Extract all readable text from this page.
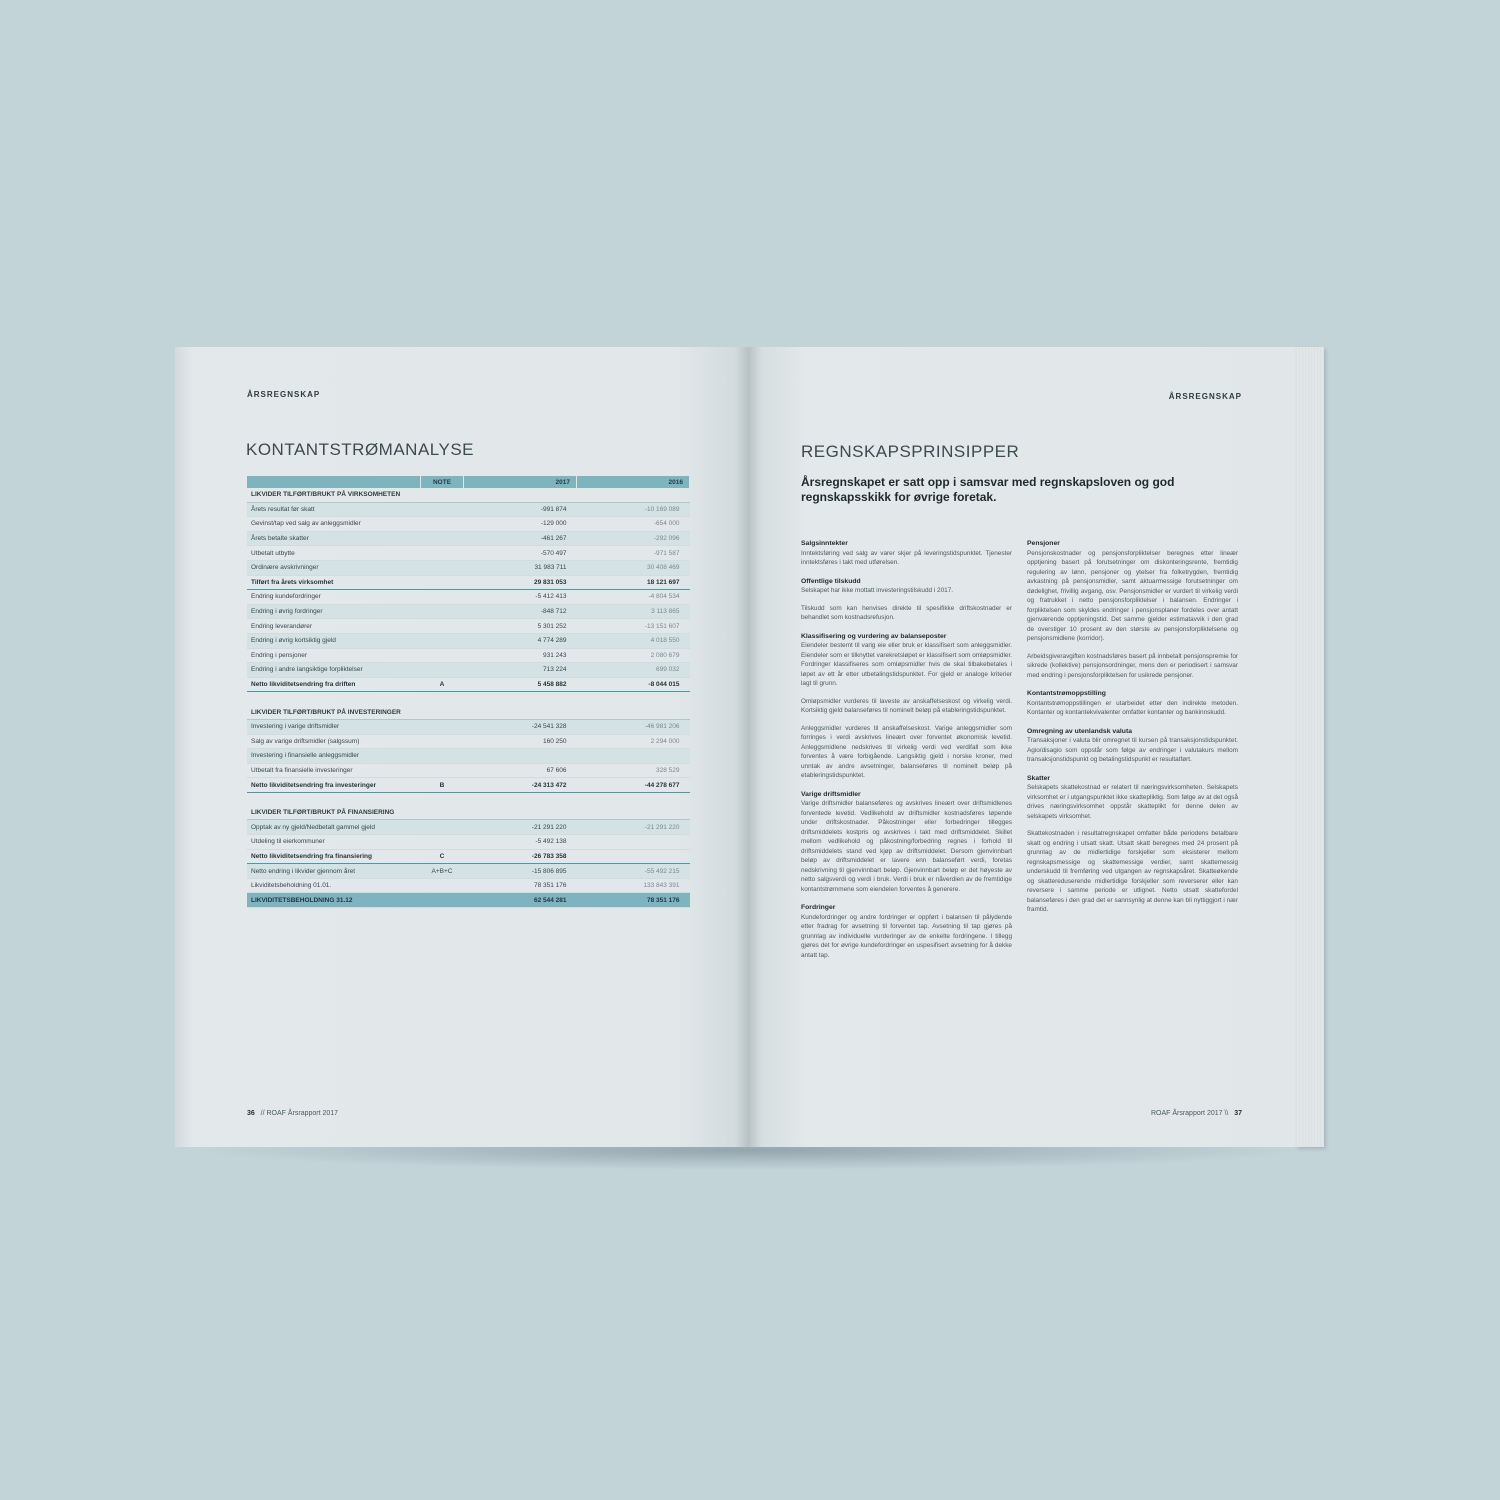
ÅRSREGNSKAP
KONTANTSTRØMANALYSE
	NOTE	2017	2016
LIKVIDER TILFØRT/BRUKT PÅ VIRKSOMHETEN			
Årets resultat før skatt		-991 874	-10 169 089
Gevinst/tap ved salg av anleggsmidler		-129 000	-654 000
Årets betalte skatter		-461 267	-292 096
Utbetalt utbytte		-570 497	-971 587
Ordinære avskrivninger		31 983 711	30 408 469
Tilført fra årets virksomhet		29 831 053	18 121 697
Endring kundefordringer		-5 412 413	-4 804 534
Endring i øvrig fordringer		-848 712	3 113 865
Endring leverandører		5 301 252	-13 151 607
Endring i øvrig kortsiktig gjeld		4 774 289	4 018 550
Endring i pensjoner		931 243	2 080 679
Endring i andre langsiktige forpliktelser		713 224	699 032
Netto likviditetsendring fra driften	A	5 458 882	-8 044 015

LIKVIDER TILFØRT/BRUKT PÅ INVESTERINGER			
Investering i varige driftsmidler		-24 541 328	-46 981 206
Salg av varige driftsmidler (salgssum)		160 250	2 294 000
Investering i finansielle anleggsmidler			
Utbetalt fra finansielle investeringer		67 606	328 529
Netto likviditetsendring fra investeringer	B	-24 313 472	-44 278 677

LIKVIDER TILFØRT/BRUKT PÅ FINANSIERING			
Opptak av ny gjeld/Nedbetalt gammel gjeld		-21 291 220	-21 291 220
Utdeling til eierkommuner		-5 492 138	
Netto likviditetsendring fra finansiering	C	-26 783 358	
Netto endring i likvider gjennom året	A+B+C	-15 806 895	-55 492 215
Likviditetsbeholdning 01.01.		78 351 176	133 843 391
LIKVIDITETSBEHOLDNING 31.12		62 544 281	78 351 176
36 // ROAF Årsrapport 2017
ÅRSREGNSKAP
REGNSKAPSPRINSIPPER
Årsregnskapet er satt opp i samsvar med regnskapsloven og god regnskapsskikk for øvrige foretak.
Salgsinntekter

Inntektsføring ved salg av varer skjer på leveringstidspunktet. Tjenester inntektsføres i takt med utførelsen.

Offentlige tilskudd

Selskapet har ikke mottatt investeringstilskudd i 2017.

Tilskudd som kan henvises direkte til spesifikke driftskostnader er behandlet som kostnadsrefusjon.

Klassifisering og vurdering av balanseposter

Eiendeler bestemt til varig eie eller bruk er klassifisert som anleggsmidler. Eiendeler som er tilknyttet varekretsløpet er klassifisert som omløpsmidler. Fordringer klassifiseres som omløpsmidler hvis de skal tilbakebetales i løpet av ett år etter utbetalingstidspunktet. For gjeld er analoge kriterier lagt til grunn.

Omløpsmidler vurderes til laveste av anskaffelseskost og virkelig verdi. Kortsiktig gjeld balanseføres til nominelt beløp på etableringstidspunktet.

Anleggsmidler vurderes til anskaffelseskost. Varige anleggsmidler som forringes i verdi avskrives lineært over forventet økonomisk levetid. Anleggsmidlene nedskrives til virkelig verdi ved verdifall som ikke forventes å være forbigående. Langsiktig gjeld i norske kroner, med unntak av andre avsetninger, balanseføres til nominelt beløp på etableringstidspunktet.

Varige driftsmidler

Varige driftsmidler balanseføres og avskrives lineært over driftsmidlenes forventede levetid. Vedlikehold av driftsmidler kostnadsføres løpende under driftskostnader. Påkostninger eller forbedringer tillegges driftsmiddelets kostpris og avskrives i takt med driftsmiddelet. Skillet mellom vedlikehold og påkostning/forbedring regnes i forhold til driftsmiddelets stand ved kjøp av driftsmiddelet. Dersom gjenvinnbart beløp av driftsmiddelet er lavere enn balanseført verdi, foretas nedskrivning til gjenvinnbart beløp. Gjenvinnbart beløp er det høyeste av netto salgsverdi og verdi i bruk. Verdi i bruk er nåverdien av de fremtidige kontantstrømmene som eiendelen forventes å generere.

Fordringer

Kundefordringer og andre fordringer er oppført i balansen til pålydende etter fradrag for avsetning til forventet tap. Avsetning til tap gjøres på grunnlag av individuelle vurderinger av de enkelte fordringene. I tillegg gjøres det for øvrige kundefordringer en uspesifisert avsetning for å dekke antatt tap.

Pensjoner

Pensjonskostnader og pensjonsforpliktelser beregnes etter lineær opptjening basert på forutsetninger om diskonteringsrente, fremtidig regulering av lønn, pensjoner og ytelser fra folketrygden, fremtidig avkastning på pensjonsmidler, samt aktuarmessige forutsetninger om dødelighet, frivillig avgang, osv. Pensjonsmidler er vurdert til virkelig verdi og fratrukket i netto pensjonsforpliktelser i balansen. Endringer i forpliktelsen som skyldes endringer i pensjonsplaner fordeles over antatt gjenværende opptjeningstid. Det samme gjelder estimatavvik i den grad de overstiger 10 prosent av den største av pensjonsforpliktelsene og pensjonsmidlene (korridor).

Arbeidsgiveravgiften kostnadsføres basert på innbetalt pensjonspremie for sikrede (kollektive) pensjonsordninger, mens den er periodisert i samsvar med endring i pensjonsforpliktelsen for usikrede pensjoner.

Kontantstrømoppstilling

Kontantstrømoppstillingen er utarbeidet etter den indirekte metoden. Kontanter og kontantekvivalenter omfatter kontanter og bankinnskudd.

Omregning av utenlandsk valuta

Transaksjoner i valuta blir omregnet til kursen på transaksjonstidspunktet. Agio/disagio som oppstår som følge av endringer i valutakurs mellom transaksjonstidspunkt og betalingstidspunkt er resultatført.

Skatter

Selskapets skattekostnad er relatert til næringsvirksomheten. Selskapets virksomhet er i utgangspunktet ikke skattepliktig. Som følge av at det også drives næringsvirksomhet oppstår skatteplikt for denne delen av selskapets virksomhet.

Skattekostnaden i resultatregnskapet omfatter både periodens betalbare skatt og endring i utsatt skatt. Utsatt skatt beregnes med 24 prosent på grunnlag av de midlertidige forskjeller som eksisterer mellom regnskapsmessige og skattemessige verdier, samt skattemessig underskudd til fremføring ved utgangen av regnskapsåret. Skatteøkende og skattereduserende midlertidige forskjeller som reverserer eller kan reversere i samme periode er utlignet. Netto utsatt skattefordel balanseføres i den grad det er sannsynlig at denne kan bli nyttiggjort i nær framtid.

ROAF Årsrapport 2017 \\ 37
